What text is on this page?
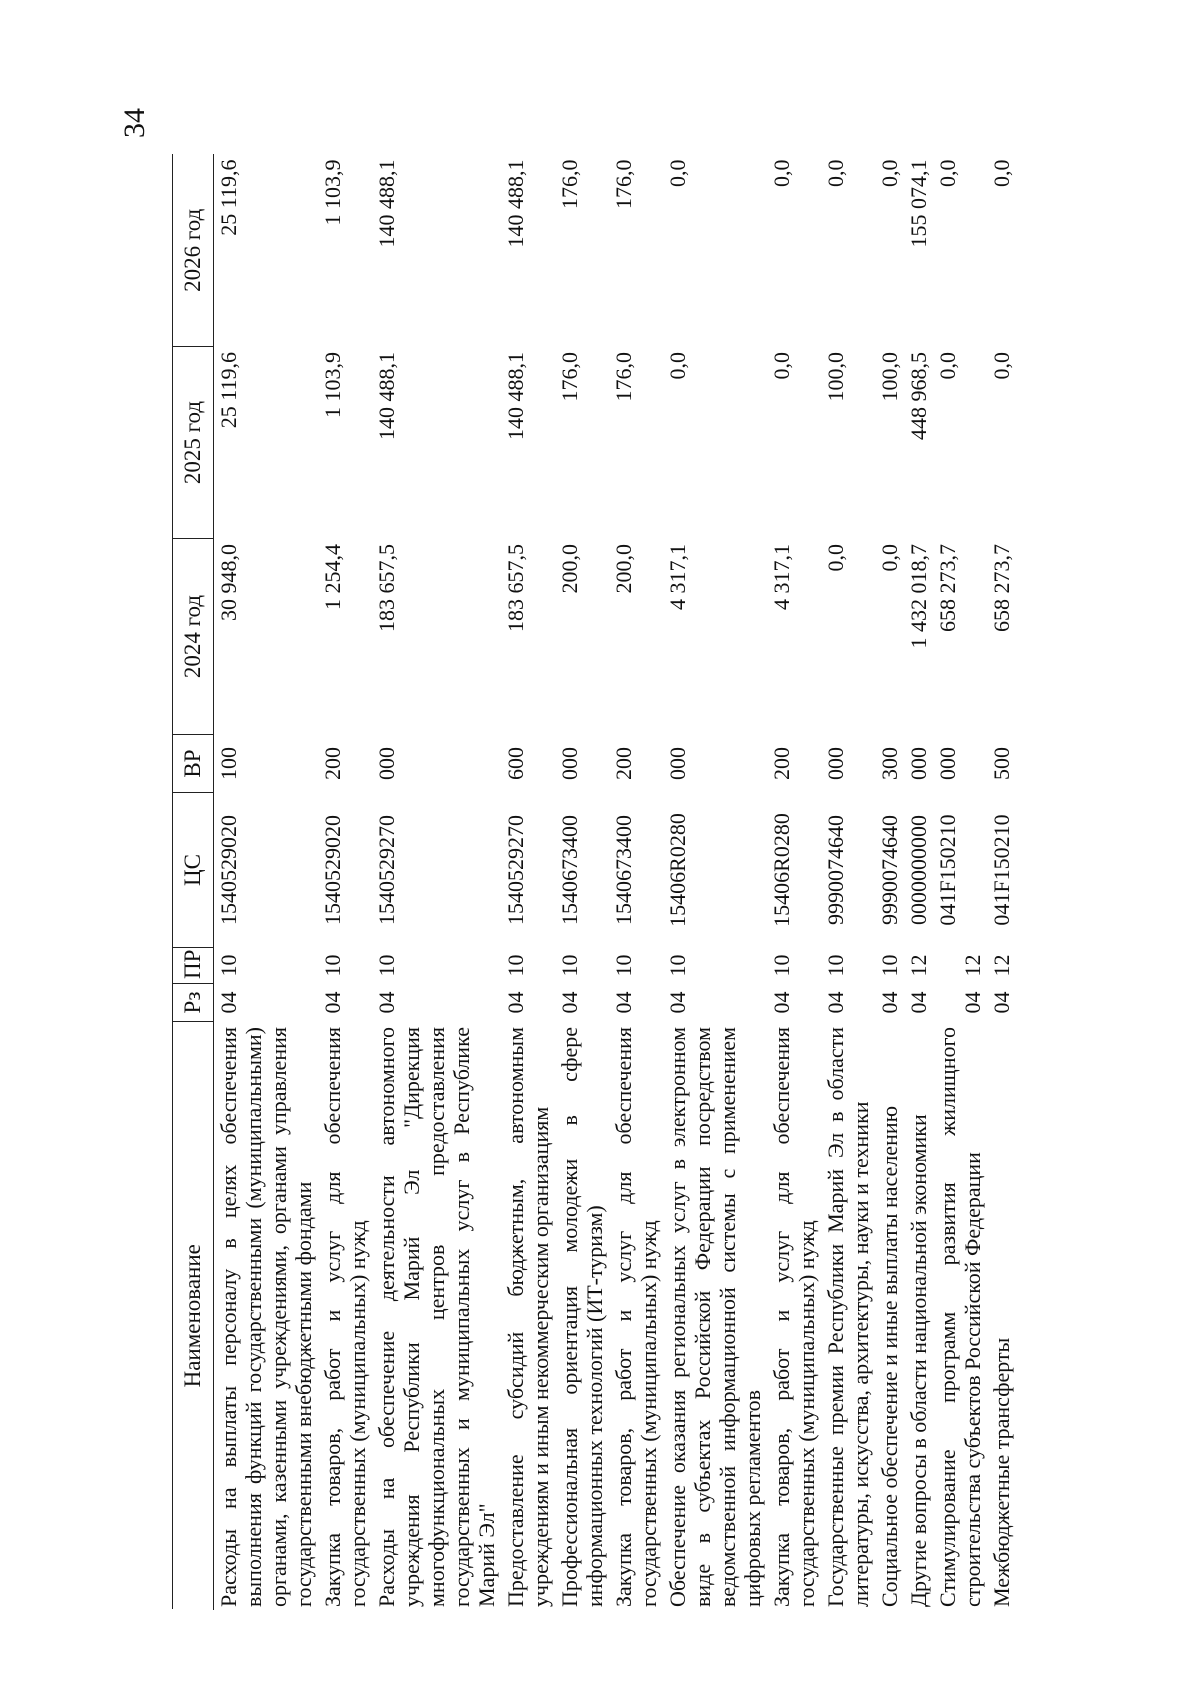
34
Наименование	Рз	ПР	ЦС	ВР	2024 год	2025 год	2026 год
Расходы на выплаты персоналу в целях обеспечения выполнения функций государственными (муниципальными) органами, казенными учреждениями, органами управления государственными внебюджетными фондами	04	10	1540529020	100	30 948,0	25 119,6	25 119,6
Закупка товаров, работ и услуг для обеспечения государственных (муниципальных) нужд	04	10	1540529020	200	1 254,4	1 103,9	1 103,9
Расходы на обеспечение деятельности автономного учреждения Республики Марий Эл "Дирекция многофункциональных центров предоставления государственных и муниципальных услуг в Республике Марий Эл"	04	10	1540529270	000	183 657,5	140 488,1	140 488,1
Предоставление субсидий бюджетным, автономным учреждениям и иным некоммерческим организациям	04	10	1540529270	600	183 657,5	140 488,1	140 488,1
Профессиональная ориентация молодежи в сфере информационных технологий (ИТ-туризм)	04	10	1540673400	000	200,0	176,0	176,0
Закупка товаров, работ и услуг для обеспечения государственных (муниципальных) нужд	04	10	1540673400	200	200,0	176,0	176,0
Обеспечение оказания региональных услуг в электронном виде в субъектах Российской Федерации посредством ведомственной информационной системы с применением цифровых регламентов	04	10	15406R0280	000	4 317,1	0,0	0,0
Закупка товаров, работ и услуг для обеспечения государственных (муниципальных) нужд	04	10	15406R0280	200	4 317,1	0,0	0,0
Государственные премии Республики Марий Эл в области литературы, искусства, архитектуры, науки и техники	04	10	9990074640	000	0,0	100,0	0,0
Социальное обеспечение и иные выплаты населению	04	10	9990074640	300	0,0	100,0	0,0
Другие вопросы в области национальной экономики	04	12	0000000000	000	1 432 018,7	448 968,5	155 074,1
Стимулирование программ развития жилищного строительства субъектов Российской Федерации	04	12	041F150210	000	658 273,7	0,0	0,0
Межбюджетные трансферты	04	12	041F150210	500	658 273,7	0,0	0,0
